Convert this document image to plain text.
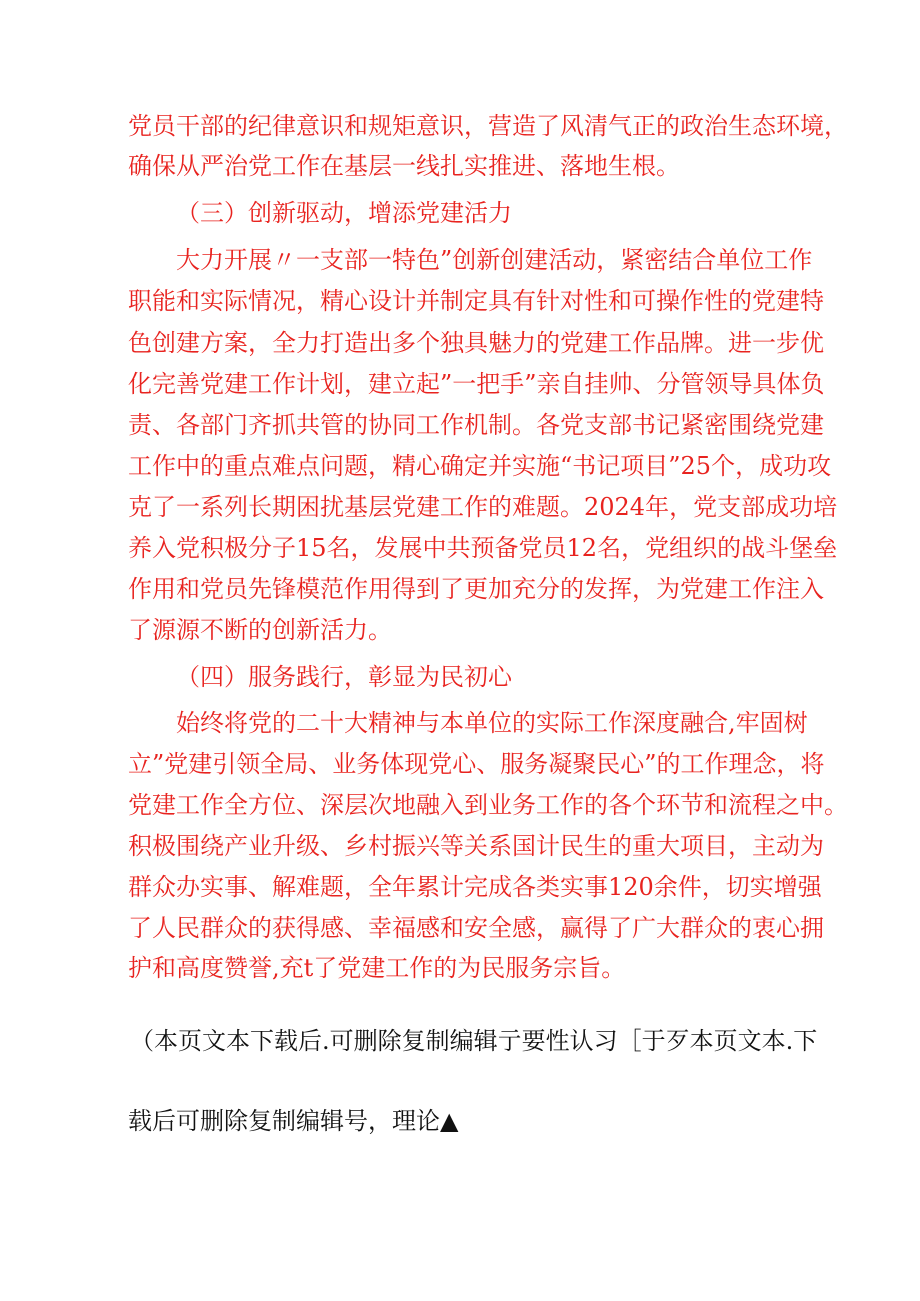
党员干部的纪律意识和规矩意识，营造了风清气正的政治生态环境，
确保从严治党工作在基层一线扎实推进、落地生根。
（三）创新驱动，增添党建活力
大力开展〃一支部一特色”创新创建活动，紧密结合单位工作
职能和实际情况，精心设计并制定具有针对性和可操作性的党建特
色创建方案，全力打造出多个独具魅力的党建工作品牌。进一步优
化完善党建工作计划，建立起”一把手”亲自挂帅、分管领导具体负
责、各部门齐抓共管的协同工作机制。各党支部书记紧密围绕党建
工作中的重点难点问题，精心确定并实施“书记项目”25个，成功攻
克了一系列长期困扰基层党建工作的难题。2024年，党支部成功培
养入党积极分子15名，发展中共预备党员12名，党组织的战斗堡垒
作用和党员先锋模范作用得到了更加充分的发挥，为党建工作注入
了源源不断的创新活力。
（四）服务践行，彰显为民初心
始终将党的二十大精神与本单位的实际工作深度融合,牢固树
立”党建引领全局、业务体现党心、服务凝聚民心”的工作理念，将
党建工作全方位、深层次地融入到业务工作的各个环节和流程之中。
积极围绕产业升级、乡村振兴等关系国计民生的重大项目，主动为
群众办实事、解难题，全年累计完成各类实事120余件，切实增强
了人民群众的获得感、幸福感和安全感，赢得了广大群众的衷心拥
护和高度赞誉,充t了党建工作的为民服务宗旨。
（本页文本下载后.可删除复制编辑亍要性认习［于歹本页文本.下
载后可删除复制编辑号，理论▲
